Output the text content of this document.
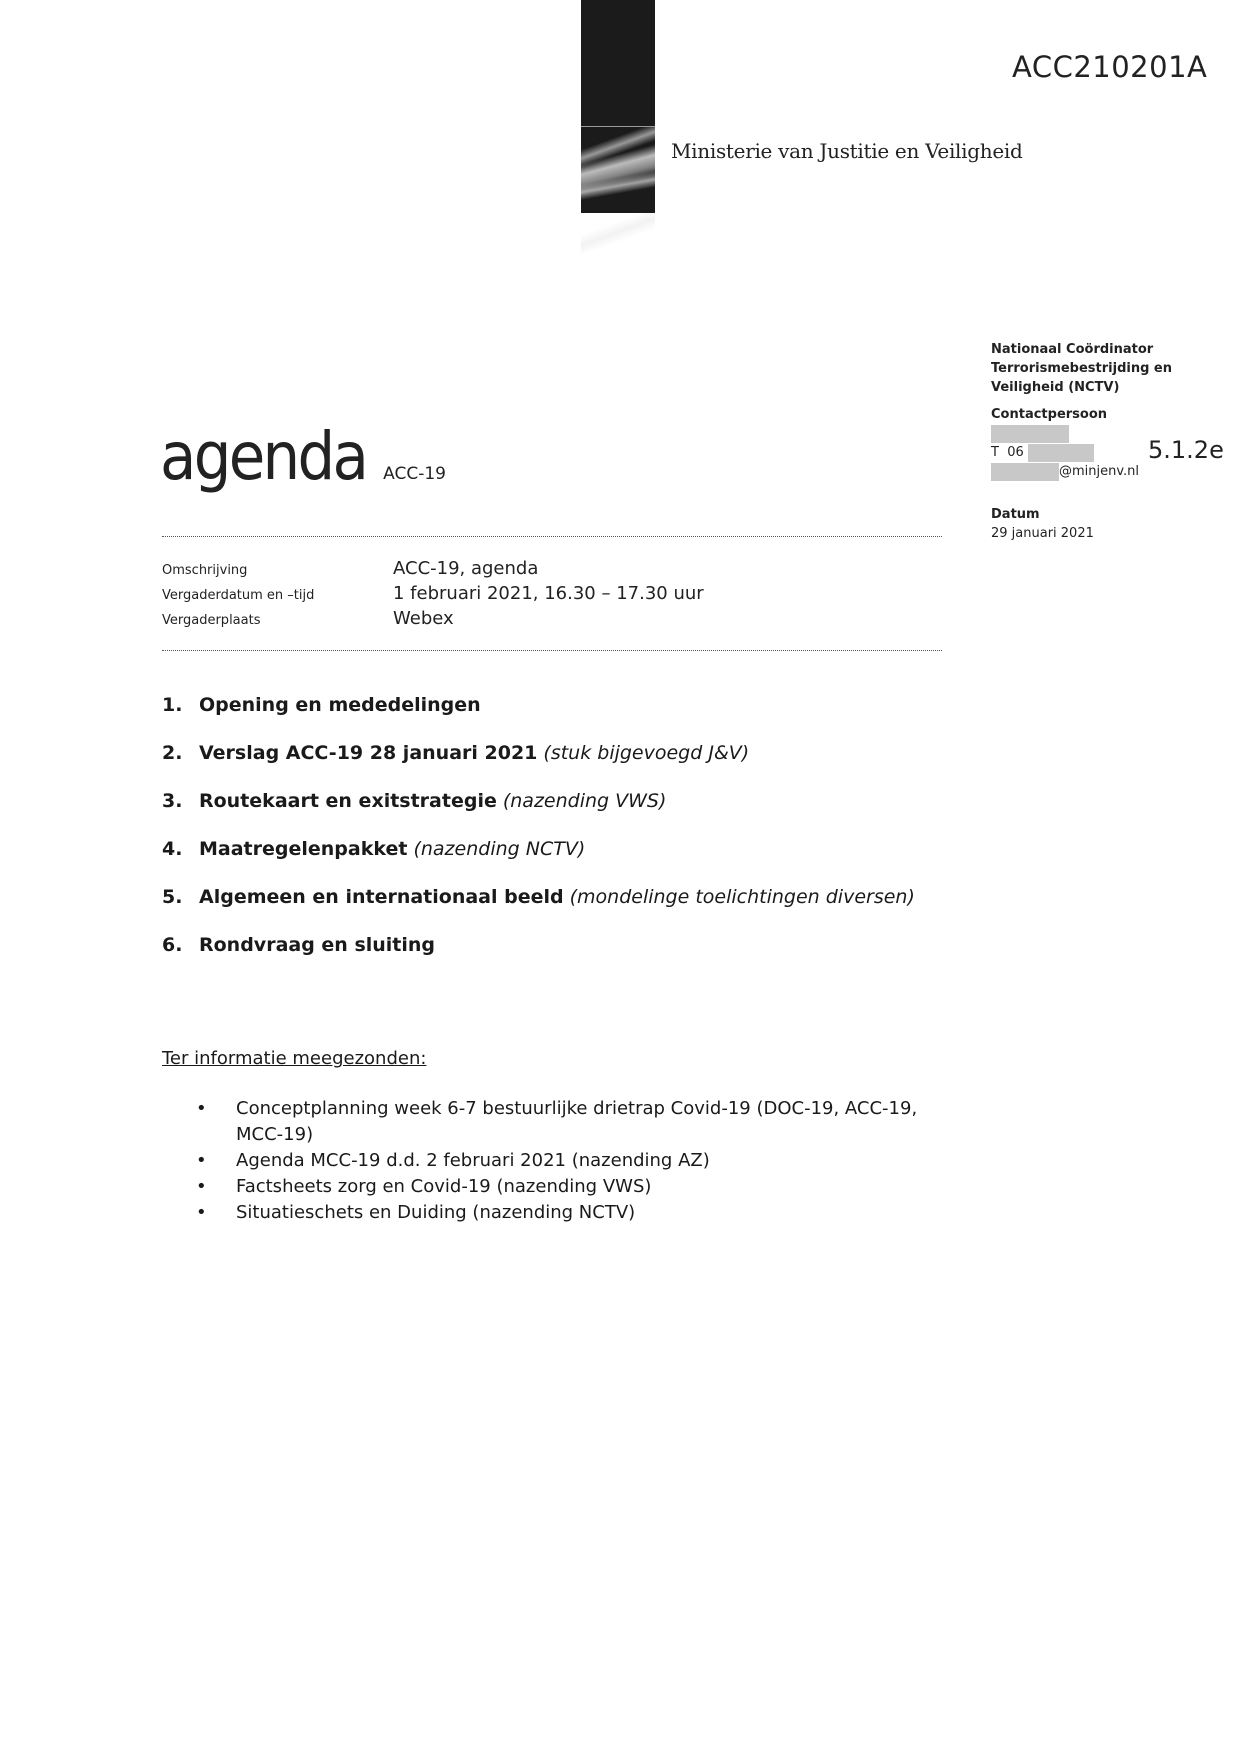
Ministerie van Justitie en Veiligheid
ACC210201A
Nationaal Coördinator
Terrorismebestrijding en
Veiligheid (NCTV)
Contactpersoon
T  06
@minjenv.nl
Datum
29 januari 2021
5.1.2e
agenda ACC-19
Omschrijving	ACC-19, agenda
Vergaderdatum en –tijd	1 februari 2021, 16.30 – 17.30 uur
Vergaderplaats	Webex
1. Opening en mededelingen
2. Verslag ACC-19 28 januari 2021 (stuk bijgevoegd J&V)
3. Routekaart en exitstrategie (nazending VWS)
4. Maatregelenpakket (nazending NCTV)
5. Algemeen en internationaal beeld (mondelinge toelichtingen diversen)
6. Rondvraag en sluiting
Ter informatie meegezonden:
•	Conceptplanning week 6-7 bestuurlijke drietrap Covid-19 (DOC-19, ACC-19, MCC-19)
•	Agenda MCC-19 d.d. 2 februari 2021 (nazending AZ)
•	Factsheets zorg en Covid-19 (nazending VWS)
•	Situatieschets en Duiding (nazending NCTV)
